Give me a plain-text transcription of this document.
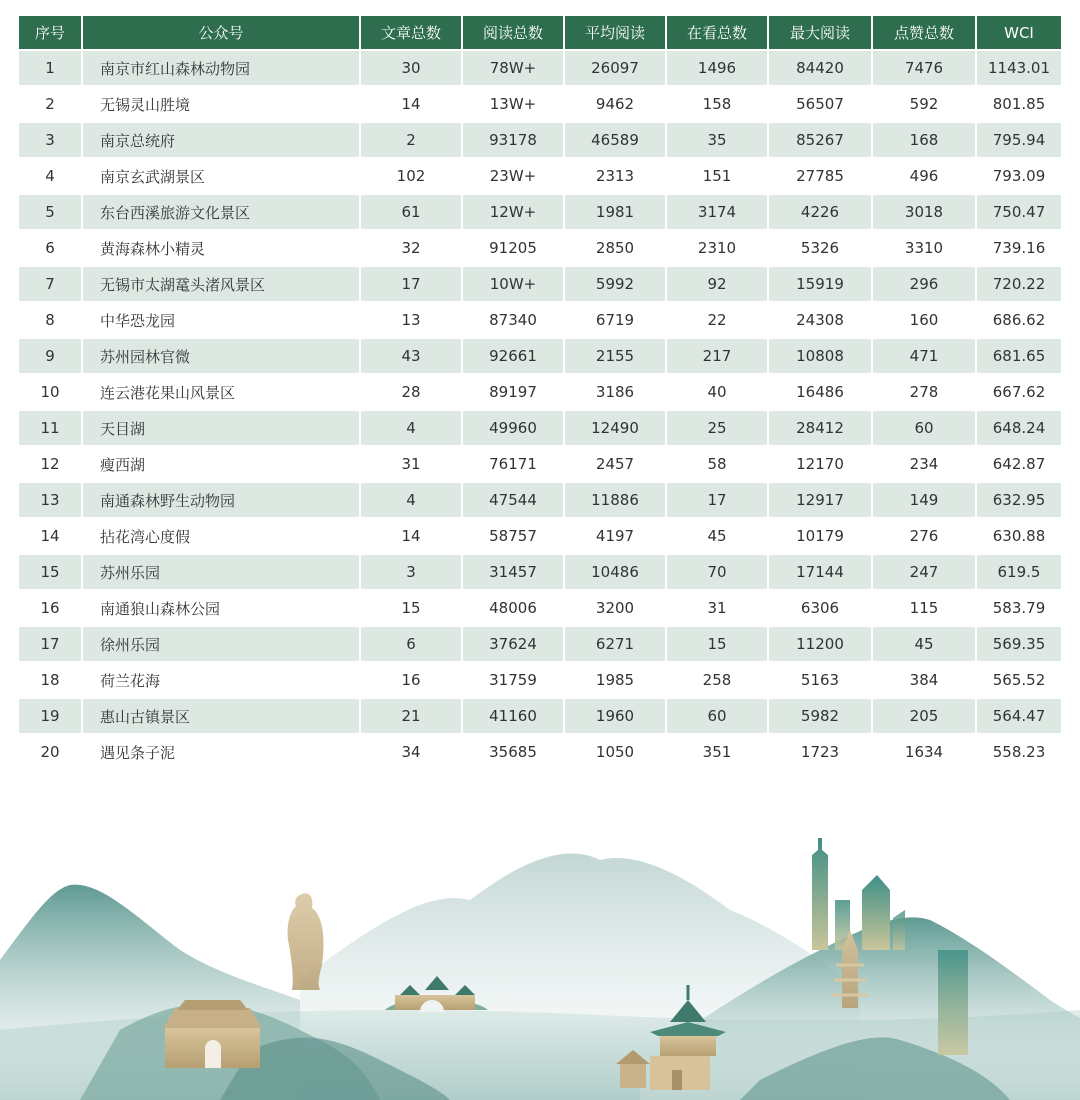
序号	公众号	文章总数	阅读总数	平均阅读	在看总数	最大阅读	点赞总数	WCI
1	南京市红山森林动物园	30	78W+	26097	1496	84420	7476	1143.01
2	无锡灵山胜境	14	13W+	9462	158	56507	592	801.85
3	南京总统府	2	93178	46589	35	85267	168	795.94
4	南京玄武湖景区	102	23W+	2313	151	27785	496	793.09
5	东台西溪旅游文化景区	61	12W+	1981	3174	4226	3018	750.47
6	黄海森林小精灵	32	91205	2850	2310	5326	3310	739.16
7	无锡市太湖鼋头渚风景区	17	10W+	5992	92	15919	296	720.22
8	中华恐龙园	13	87340	6719	22	24308	160	686.62
9	苏州园林官微	43	92661	2155	217	10808	471	681.65
10	连云港花果山风景区	28	89197	3186	40	16486	278	667.62
11	天目湖	4	49960	12490	25	28412	60	648.24
12	瘦西湖	31	76171	2457	58	12170	234	642.87
13	南通森林野生动物园	4	47544	11886	17	12917	149	632.95
14	拈花湾心度假	14	58757	4197	45	10179	276	630.88
15	苏州乐园	3	31457	10486	70	17144	247	619.5
16	南通狼山森林公园	15	48006	3200	31	6306	115	583.79
17	徐州乐园	6	37624	6271	15	11200	45	569.35
18	荷兰花海	16	31759	1985	258	5163	384	565.52
19	惠山古镇景区	21	41160	1960	60	5982	205	564.47
20	遇见条子泥	34	35685	1050	351	1723	1634	558.23
